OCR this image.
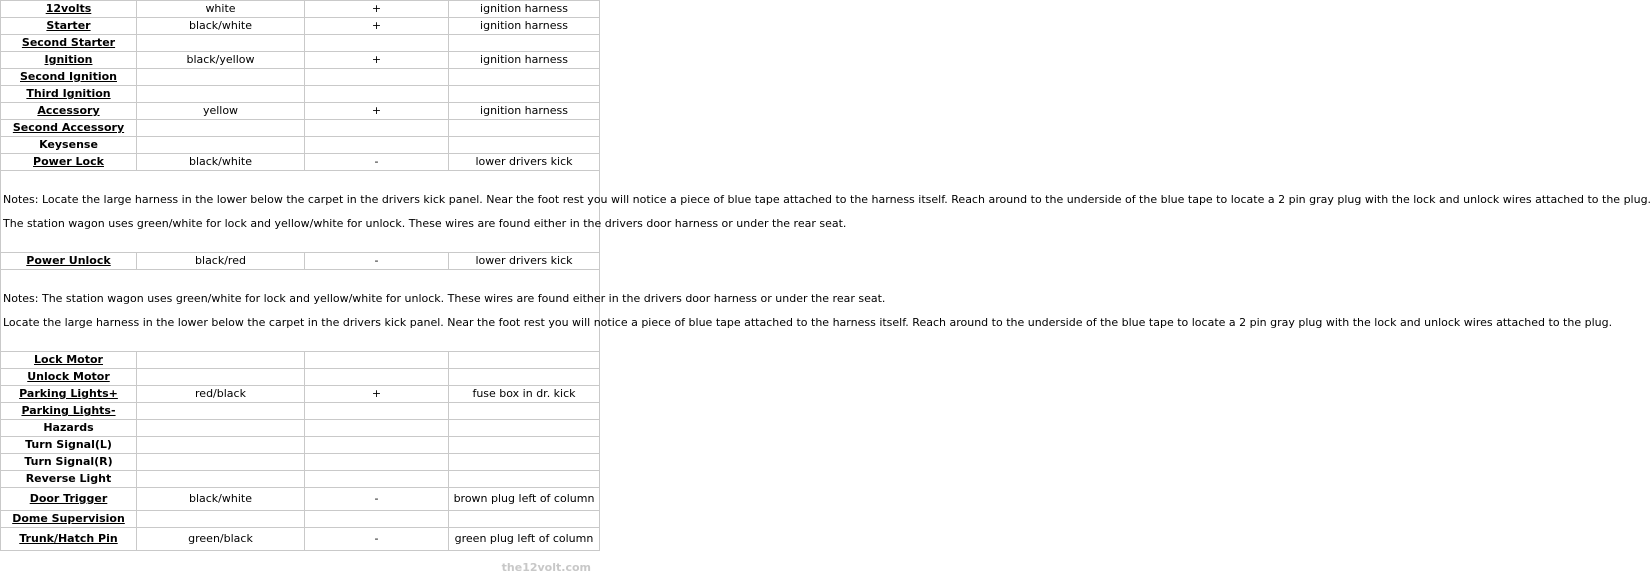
12volts	white	+	ignition harness
Starter	black/white	+	ignition harness
Second Starter			
Ignition	black/yellow	+	ignition harness
Second Ignition			
Third Ignition			
Accessory	yellow	+	ignition harness
Second Accessory			
Keysense			
Power Lock	black/white	-	lower drivers kick

Notes: Locate the large harness in the lower below the carpet in the drivers kick panel. Near the foot rest you will notice a piece of blue tape attached to the harness itself. Reach around to the underside of the blue tape to locate a 2 pin gray plug with the lock and unlock wires attached to the plug.

The station wagon uses green/white for lock and yellow/white for unlock. These wires are found either in the drivers door harness or under the rear seat.			

Power Unlock	black/red	-	lower drivers kick

Notes: The station wagon uses green/white for lock and yellow/white for unlock. These wires are found either in the drivers door harness or under the rear seat.

Locate the large harness in the lower below the carpet in the drivers kick panel. Near the foot rest you will notice a piece of blue tape attached to the harness itself. Reach around to the underside of the blue tape to locate a 2 pin gray plug with the lock and unlock wires attached to the plug.			

Lock Motor			
Unlock Motor			
Parking Lights+	red/black	+	fuse box in dr. kick
Parking Lights-			
Hazards			
Turn Signal(L)			
Turn Signal(R)			
Reverse Light			
Door Trigger	black/white	-	brown plug left of column
Dome Supervision			
Trunk/Hatch Pin	green/black	-	green plug left of column
the12volt.com
